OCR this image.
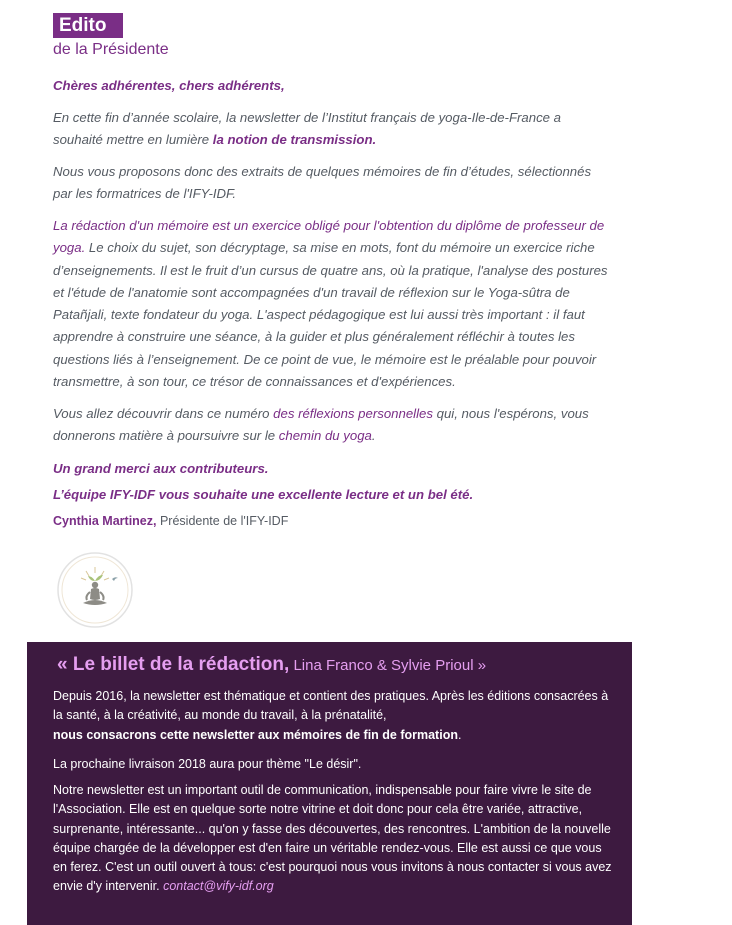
Edito
de la Présidente
Chères adhérentes, chers adhérents,
En cette fin d’année scolaire, la newsletter de l’Institut français de yoga-Ile-de-France a souhaité mettre en lumière la notion de transmission.
Nous vous proposons donc des extraits de quelques mémoires de fin d’études, sélectionnés par les formatrices de l'IFY-IDF.
La rédaction d'un mémoire est un exercice obligé pour l'obtention du diplôme de professeur de yoga. Le choix du sujet, son décryptage, sa mise en mots, font du mémoire un exercice riche d’enseignements. Il est le fruit d’un cursus de quatre ans, où la pratique, l'analyse des postures et l'étude de l'anatomie sont accompagnées d'un travail de réflexion sur le Yoga-sûtra de Patañjali, texte fondateur du yoga. L'aspect pédagogique est lui aussi très important : il faut apprendre à construire une séance, à la guider et plus généralement réfléchir à toutes les questions liés à l’enseignement. De ce point de vue, le mémoire est le préalable pour pouvoir transmettre, à son tour, ce trésor de connaissances et d'expériences.
Vous allez découvrir dans ce numéro des réflexions personnelles qui, nous l'espérons, vous donnerons matière à poursuivre sur le chemin du yoga.
Un grand merci aux contributeurs.
L’équipe IFY-IDF vous souhaite une excellente lecture et un bel été.
Cynthia Martinez, Présidente de l'IFY-IDF
« Le billet de la rédaction, Lina Franco & Sylvie Prioul »
Depuis 2016, la newsletter est thématique et contient des pratiques. Après les éditions consacrées à la santé, à la créativité, au monde du travail, à la prénatalité,
nous consacrons cette newsletter aux mémoires de fin de formation.
La prochaine livraison 2018 aura pour thème "Le désir".
Notre newsletter est un important outil de communication, indispensable pour faire vivre le site de l'Association. Elle est en quelque sorte notre vitrine et doit donc pour cela être variée, attractive, surprenante, intéressante... qu'on y fasse des découvertes, des rencontres. L'ambition de la nouvelle équipe chargée de la développer est d'en faire un véritable rendez-vous. Elle est aussi ce que vous en ferez. C'est un outil ouvert à tous: c'est pourquoi nous vous invitons à nous contacter si vous avez envie d'y intervenir. contact@vify-idf.org
